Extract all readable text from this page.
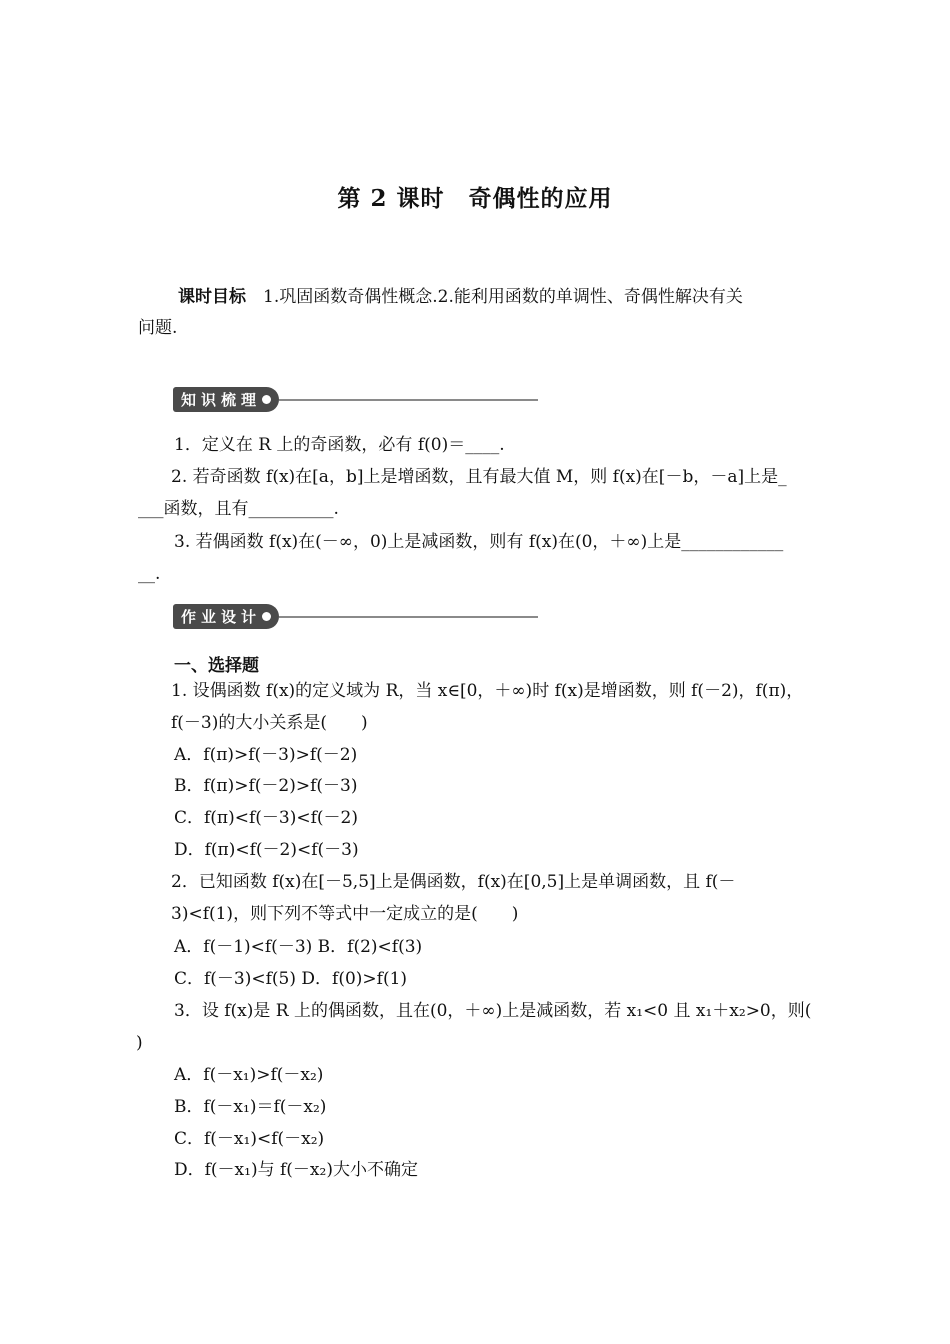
第 2 课时　奇偶性的应用
课时目标　 1.巩固函数奇偶性概念.2.能利用函数的单调性、奇偶性解决有关
问题.
知识梳理
1．定义在 R 上的奇函数，必有 f(0)＝____.
2. 若奇函数 f(x)在[a，b]上是增函数，且有最大值 M，则 f(x)在[－b，－a]上是_
___函数，且有__________.
3. 若偶函数 f(x)在(－∞，0)上是减函数，则有 f(x)在(0，＋∞)上是____________
__.
作业设计
一、选择题
1. 设偶函数 f(x)的定义域为 R，当 x∈[0，＋∞)时 f(x)是增函数，则 f(－2)，f(π)，
f(－3)的大小关系是(　　)
A．f(π)>f(－3)>f(－2)
B．f(π)>f(－2)>f(－3)
C．f(π)<f(－3)<f(－2)
D．f(π)<f(－2)<f(－3)
2．已知函数 f(x)在[－5,5]上是偶函数，f(x)在[0,5]上是单调函数，且 f(－
3)<f(1)，则下列不等式中一定成立的是(　　)
A．f(－1)<f(－3) B．f(2)<f(3)
C．f(－3)<f(5) D．f(0)>f(1)
3．设 f(x)是 R 上的偶函数，且在(0，＋∞)上是减函数，若 x₁<0 且 x₁＋x₂>0，则(
)
A．f(－x₁)>f(－x₂)
B．f(－x₁)＝f(－x₂)
C．f(－x₁)<f(－x₂)
D．f(－x₁)与 f(－x₂)大小不确定
